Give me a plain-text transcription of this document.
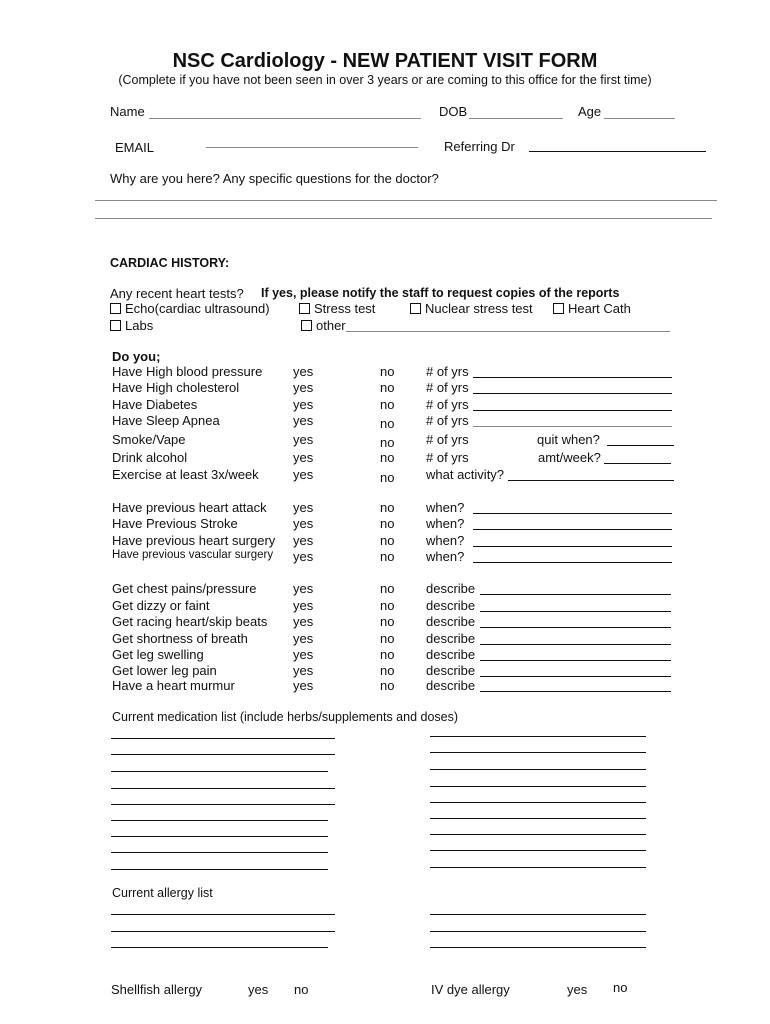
NSC Cardiology - NEW PATIENT VISIT FORM
(Complete if you have not been seen in over 3 years or are coming to this office for the first time)
Name	DOB	Age
EMAIL	Referring Dr
Why are you here? Any specific questions for the doctor?
CARDIAC HISTORY:
Any recent heart tests? If yes, please notify the staff to request copies of the reports
Echo(cardiac ultrasound)	Stress test	Nuclear stress test	Heart Cath
Labs	other
Do you;
Have High blood pressure yes	no # of yrs
Have High cholesterol	yes	no # of yrs
Have Diabetes	yes	no # of yrs
Have Sleep Apnea	yes	no # of yrs
Smoke/Vape	yes	no # of yrs	quit when?
Drink alcohol	yes	no # of yrs	amt/week?
Exercise at least 3x/week	yes	no what activity?
Have previous heart attack yes	no when?
Have Previous Stroke	yes	no when?
Have previous heart surgery yes	no when?
Have previous vascular surgery yes	no when?
Get chest pains/pressure	yes	no describe
Get dizzy or faint	yes	no describe
Get racing heart/skip beats yes	no describe
Get shortness of breath	yes	no describe
Get leg swelling	yes	no describe
Get lower leg pain	yes	no describe
Have a heart murmur	yes	no describe
Current medication list (include herbs/supplements and doses)
Current allergy list
Shellfish allergy	yes no	IV dye allergy	yes no
